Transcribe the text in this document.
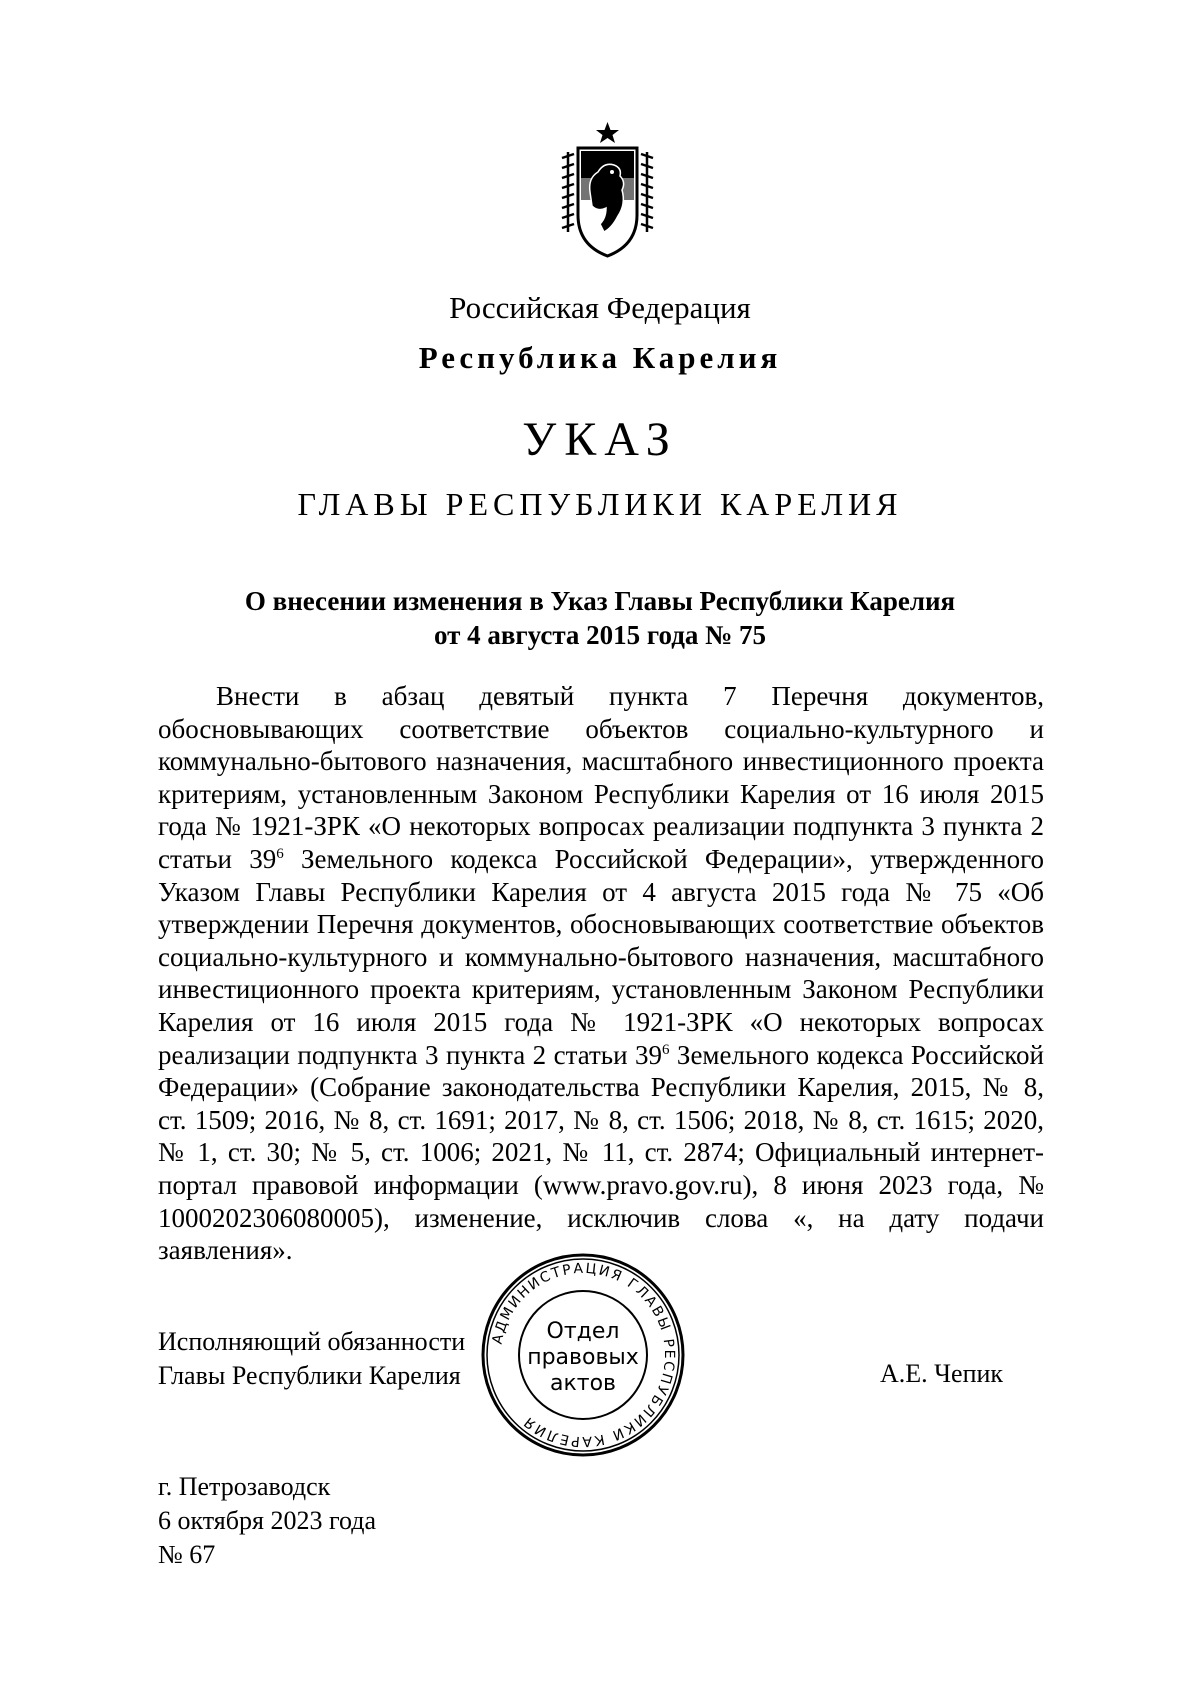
Российская Федерация
Республика Карелия
УКАЗ
ГЛАВЫ РЕСПУБЛИКИ КАРЕЛИЯ
О внесении изменения в Указ Главы Республики Карелия
от 4 августа 2015 года № 75

Внести в абзац девятый пункта 7 Перечня документов, обосновывающих соответствие объектов социально-культурного и коммунально-бытового назначения, масштабного инвестиционного проекта критериям, установленным Законом Республики Карелия от 16 июля 2015 года № 1921-ЗРК «О некоторых вопросах реализации подпункта 3 пункта 2 статьи $39^6$ Земельного кодекса Российской Федерации», утвержденного Указом Главы Республики Карелия от 4 августа 2015 года № 75 «Об утверждении Перечня документов, обосновывающих соответствие объектов социально-культурного и коммунально-бытового назначения, масштабного инвестиционного проекта критериям, установленным Законом Республики Карелия от 16 июля 2015 года № 1921-ЗРК «О некоторых вопросах реализации подпункта 3 пункта 2 статьи $39^6$ Земельного кодекса Российской Федерации» (Собрание законодательства Республики Карелия, 2015, № 8, ст. 1509; 2016, № 8, ст. 1691; 2017, № 8, ст. 1506; 2018, № 8, ст. 1615; 2020, № 1, ст. 30; № 5, ст. 1006; 2021, № 11, ст. 2874; Официальный интернет-портал правовой информации (www.pravo.gov.ru), 8 июня 2023 года, № 1000202306080005), изменение, исключив слова «, на дату подачи заявления».

Исполняющий обязанности
Главы Республики Карелия	А.Е. Чепик
АДМИНИСТРАЦИЯ ГЛАВЫ РЕСПУБЛИКИ КАРЕЛИЯ
Отдел
правовых
актов
г. Петрозаводск
6 октября 2023 года
№ 67
